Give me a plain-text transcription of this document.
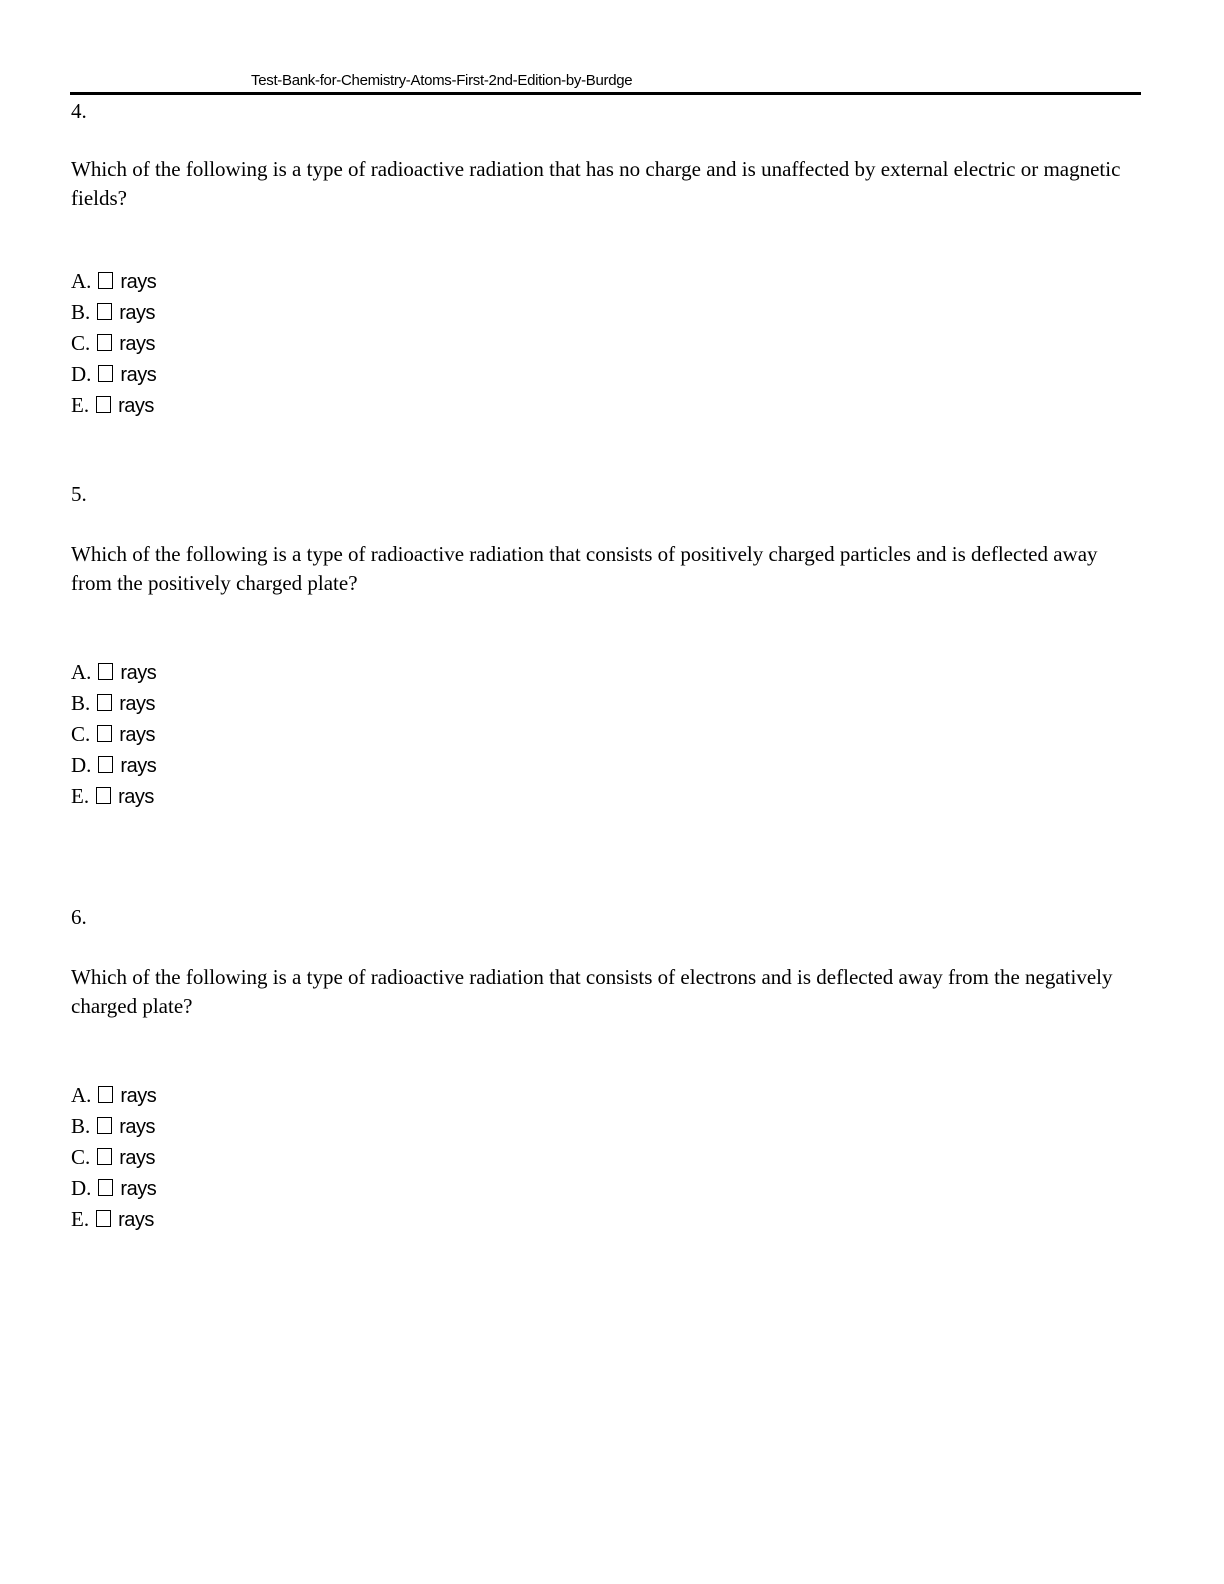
Test-Bank-for-Chemistry-Atoms-First-2nd-Edition-by-Burdge

4.

Which of the following is a type of radioactive radiation that has no charge and is unaffected by external electric or magnetic fields?

A. rays
B. rays
C. rays
D. rays
E. rays

5.

Which of the following is a type of radioactive radiation that consists of positively charged particles and is deflected away from the positively charged plate?

A. rays
B. rays
C. rays
D. rays
E. rays

6.

Which of the following is a type of radioactive radiation that consists of electrons and is deflected away from the negatively charged plate?

A. rays
B. rays
C. rays
D. rays
E. rays
